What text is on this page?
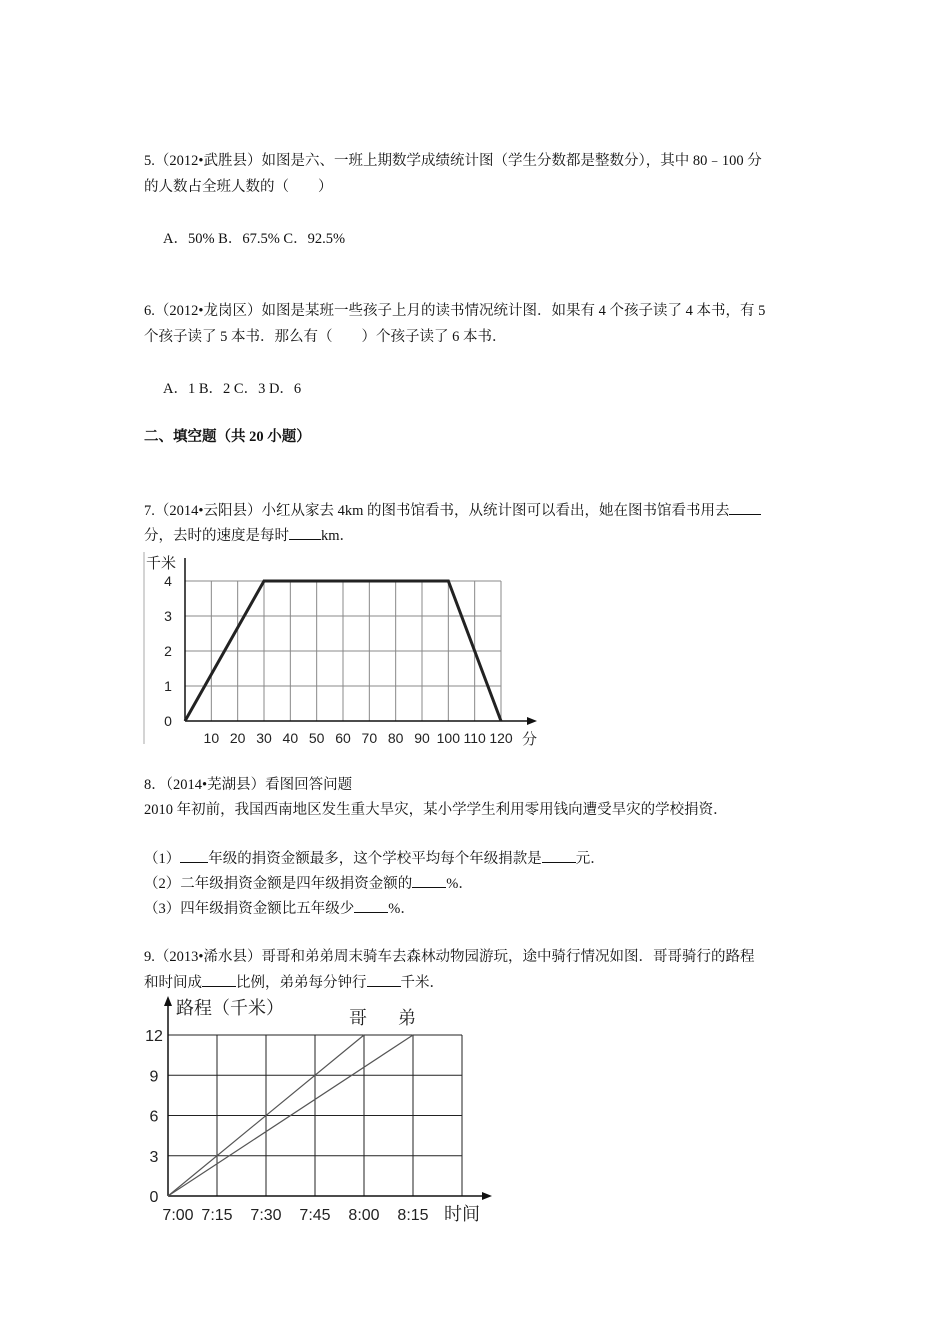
5.（2012•武胜县）如图是六、一班上期数学成绩统计图（学生分数都是整数分），其中 80﹣100 分
的人数占全班人数的（　　）
A．50% B．67.5% C．92.5%
6.（2012•龙岗区）如图是某班一些孩子上月的读书情况统计图．如果有 4 个孩子读了 4 本书，有 5
个孩子读了 5 本书．那么有（　　）个孩子读了 6 本书．
A．1 B．2 C．3 D．6
二、填空题（共 20 小题）
7.（2014•云阳县）小红从家去 4km 的图书馆看书，从统计图可以看出，她在图书馆看书用去
分，去时的速度是每时 km．
10 20 30 40 50 60 70 80 90 100 110 120
0
1
2
3
4
千米
分
8．（2014•芜湖县）看图回答问题
2010 年初前，我国西南地区发生重大旱灾，某小学学生利用零用钱向遭受旱灾的学校捐资．
（1） 年级的捐资金额最多，这个学校平均每个年级捐款是 元．
（2）二年级捐资金额是四年级捐资金额的 %．
（3）四年级捐资金额比五年级少 %．
9.（2013•浠水县）哥哥和弟弟周末骑车去森林动物园游玩，途中骑行情况如图．哥哥骑行的路程
和时间成 比例，弟弟每分钟行 千米．
哥 弟
7:00 7:15 7:30 7:45 8:00 8:15
0
3
6
9
12
路程（千米）
时间
